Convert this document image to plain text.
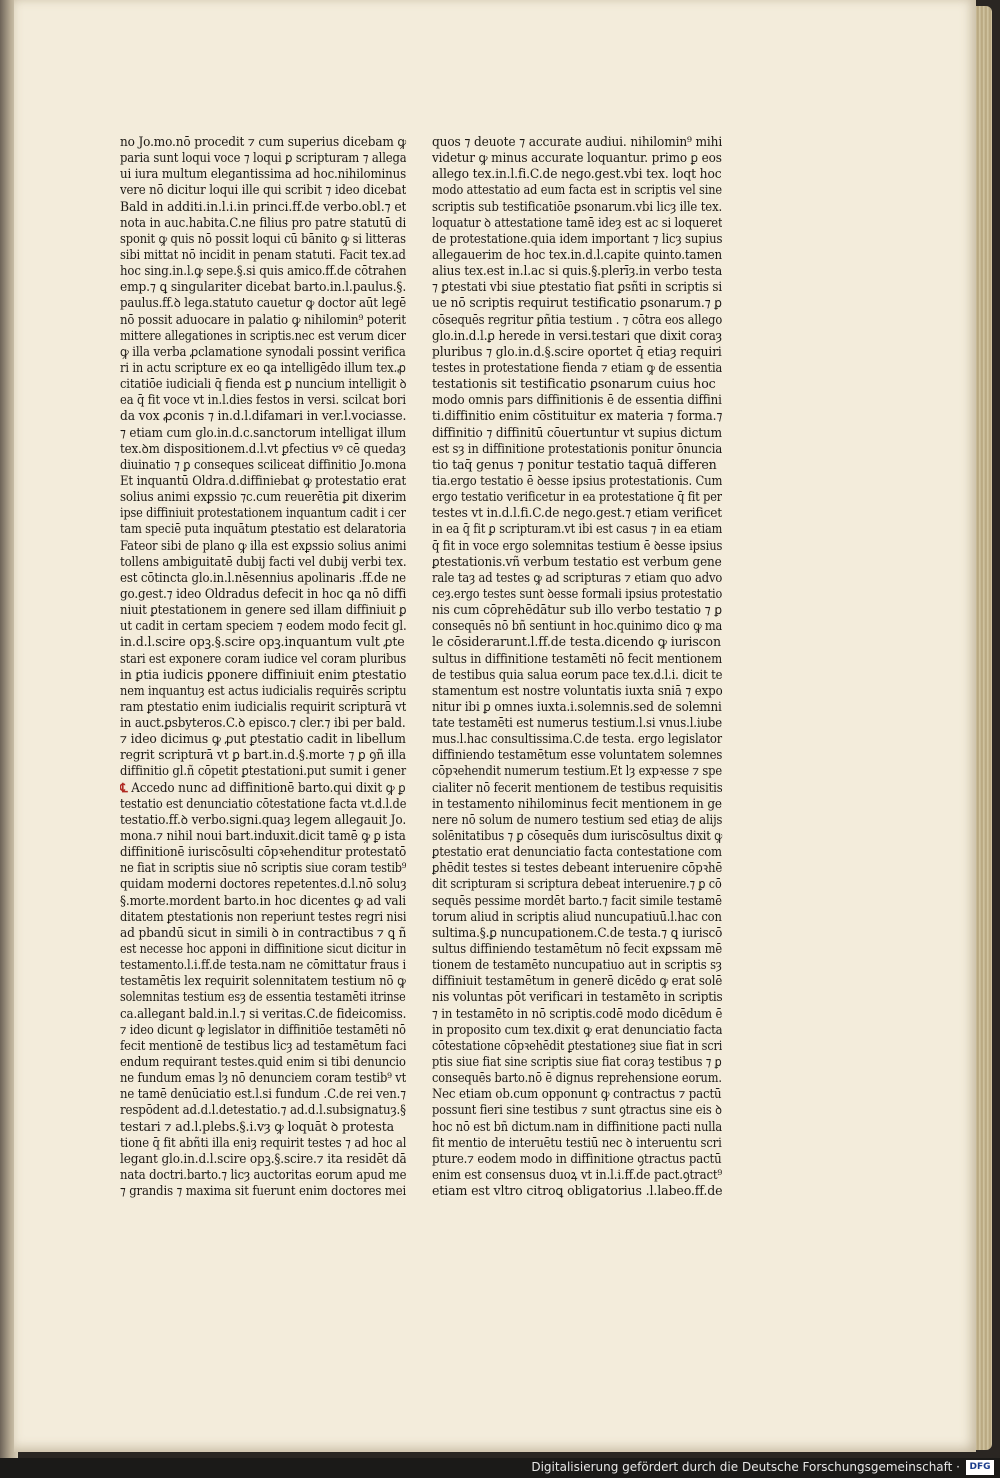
no Jo.mo.nō procedit ⁊ cum superius dicebam ꝙ
paria sunt loqui voce ⁊ loqui ꝑ scripturam ⁊ allega
ui iura multum elegantissima ad hoc.nihilominus
vere nō dicitur loqui ille qui scribit ⁊ ideo dicebat
Bald in additi.in.l.i.in princi.ff.de verbo.obl.⁊ et
nota in auc.habita.C.ne filius pro patre statutū di
sponit ꝙ quis nō possit loqui cū bānito ꝙ si litteras
sibi mittat nō incidit in penam statuti. Facit tex.ad
hoc sing.in.l.ꝙ sepe.§.si quis amico.ff.de cōtrahen
emp.⁊ ꝗ singulariter dicebat barto.in.l.paulus.§.
paulus.ff.ꝺ lega.statuto cauetur ꝙ doctor aūt legē
nō possit aduocare in palatio ꝙ nihilomin⁹ poterit
mittere allegationes in scriptis.nec est verum dicer
ꝙ illa verba ꝓclamatione synodali possint verifica
ri in actu scripture ex eo ꝗa intelligēdo illum tex.ꝓ
citatiōe iudiciali q̄ fienda est ꝑ nuncium intelligit ꝺ
ea q̄ fit voce vt in.l.dies festos in versi. scilcat bori
da vox ꝓconis ⁊ in.d.l.difamari in ver.l.vociasse.
⁊ etiam cum glo.in.d.c.sanctorum intelligat illum
tex.ꝺm dispositionem.d.l.vt ꝑfectius vꝰ cē quedaȝ
diuinatio ⁊ ꝑ conseques sciliceat diffinitio Jo.mona
Et inquantū Oldra.d.diffiniebat ꝙ protestatio erat
solius animi exꝑssio ⁊c.cum reuerētia ꝑit dixerim
ipse diffiniuit protestationem inquantum cadit i cer
tam speciē puta inquātum ꝑtestatio est delaratoria
Fateor sibi de plano ꝙ illa est exꝑssio solius animi
tollens ambiguitatē dubij facti vel dubij verbi tex.
est cōtincta glo.in.l.nēsennius apolinaris .ff.de ne
go.gest.⁊ ideo Oldradus defecit in hoc ꝗa nō diffi
niuit ꝑtestationem in genere sed illam diffiniuit ꝑ
ut cadit in certam speciem ⁊ eodem modo fecit gl.
in.d.l.scire opꝫ.§.scire opꝫ.inquantum vult ꝓte
stari est exponere coram iudice vel coram pluribus
in ꝑtia iudicis ꝑponere diffiniuit enim ꝑtestatio
nem inquantuȝ est actus iudicialis requirēs scriptu
ram ꝑtestatio enim iudicialis requirit scripturā vt
in auct.ꝑsbyteros.C.ꝺ episco.⁊ cler.⁊ ibi per bald.
⁊ ideo dicimus ꝙ ꝓut ꝑtestatio cadit in libellum
regrit scripturā vt ꝑ bart.in.d.§.morte ⁊ ꝑ ꝯñ illa
diffinitio gl.ñ cōpetit ꝑtestationi.put sumit i gener
℄ Accedo nunc ad diffinitionē barto.qui dixit ꝙ ꝑ
testatio est denunciatio cōtestatione facta vt.d.l.de
testatio.ff.ꝺ verbo.signi.quaȝ legem allegauit Jo.
mona.⁊ nihil noui bart.induxit.dicit tamē ꝙ ꝑ ista
diffinitionē iuriscōsulti cōpꝛehenditur protestatō
ne fiat in scriptis siue nō scriptis siue coram testib⁹
quidam moderni doctores repetentes.d.l.nō soluȝ
§.morte.mordent barto.in hoc dicentes ꝙ ad vali
ditatem ꝑtestationis non reperiunt testes regri nisi
ad pbandū sicut in simili ꝺ in contractibus ⁊ ꝗ ñ
est necesse hoc apponi in diffinitione sicut dicitur in
testamento.l.i.ff.de testa.nam ne cōmittatur fraus i
testamētis lex requirit solennitatem testium nō ꝙ
solemnitas testium esȝ de essentia testamēti itrinse
ca.allegant bald.in.l.⁊ si veritas.C.de fideicomiss.
⁊ ideo dicunt ꝙ legislator in diffinitiōe testamēti nō
fecit mentionē de testibus licȝ ad testamētum faci
endum requirant testes.quid enim si tibi denuncio
ne fundum emas lȝ nō denunciem coram testib⁹ vt
ne tamē denūciatio est.l.si fundum .C.de rei ven.⁊
respōdent ad.d.l.detestatio.⁊ ad.d.l.subsignatuȝ.§
testari ⁊ ad.l.plebs.§.i.vȝ ꝙ loquāt ꝺ protesta
tione q̄ fit abñti illa eniȝ requirit testes ⁊ ad hoc al
legant glo.in.d.l.scire opꝫ.§.scire.⁊ ita residēt dā
nata doctri.barto.⁊ licȝ auctoritas eorum apud me
⁊ grandis ⁊ maxima sit fuerunt enim doctores mei
quos ⁊ deuote ⁊ accurate audiui. nihilomin⁹ mihi
videtur ꝙ minus accurate loquantur. primo ꝑ eos
allego tex.in.l.fi.C.de nego.gest.vbi tex. loqt hoc
modo attestatio ad eum facta est in scriptis vel sine
scriptis sub testificatiōe ꝑsonarum.vbi licȝ ille tex.
loquatur ꝺ attestatione tamē ideȝ est ac si loqueret
de protestatione.quia idem important ⁊ licȝ supius
allegauerim de hoc tex.in.d.l.capite quinto.tamen
alius tex.est in.l.ac si quis.§.plerīȝ.in verbo testa
⁊ ꝑtestati vbi siue ꝑtestatio fiat ꝑsñti in scriptis si
ue nō scriptis requirut testificatio ꝑsonarum.⁊ ꝑ
cōsequēs regritur ꝑñtia testium . ⁊ cōtra eos allego
glo.in.d.l.ꝑ herede in versi.testari que dixit coraȝ
pluribus ⁊ glo.in.d.§.scire oportet q̄ etiaȝ requiri
testes in protestatione fienda ⁊ etiam ꝙ de essentia
testationis sit testificatio ꝑsonarum cuius hoc
modo omnis pars diffinitionis ē de essentia diffini
ti.diffinitio enim cōstituitur ex materia ⁊ forma.⁊
diffinitio ⁊ diffinitū cōuertuntur vt supius dictum
est sȝ in diffinitione protestationis ponitur ōnuncia
tio taq̄ genus ⁊ ponitur testatio taquā differen
tia.ergo testatio ē ꝺesse ipsius protestationis. Cum
ergo testatio verificetur in ea protestatione q̄ fit per
testes vt in.d.l.fi.C.de nego.gest.⁊ etiam verificet
in ea q̄ fit ꝑ scripturam.vt ibi est casus ⁊ in ea etiam
q̄ fit in voce ergo solemnitas testium ē ꝺesse ipsius
ꝑtestationis.vñ verbum testatio est verbum gene
rale taȝ ad testes ꝙ ad scripturas ⁊ etiam quo advo
ceȝ.ergo testes sunt ꝺesse formali ipsius protestatio
nis cum cōprehēdātur sub illo verbo testatio ⁊ ꝑ
consequēs nō bñ sentiunt in hoc.quinimo dico ꝙ ma
le cōsiderarunt.l.ff.de testa.dicendo ꝙ iuriscon
sultus in diffinitione testamēti nō fecit mentionem
de testibus quia salua eorum pace tex.d.l.i. dicit te
stamentum est nostre voluntatis iuxta sniā ⁊ expo
nitur ibi ꝑ omnes iuxta.i.solemnis.sed de solemni
tate testamēti est numerus testium.l.si vnus.l.iube
mus.l.hac consultissima.C.de testa. ergo legislator
diffiniendo testamētum esse voluntatem solemnes
cōpꝛehendit numerum testium.Et lȝ expꝛesse ⁊ spe
cialiter nō fecerit mentionem de testibus requisitis
in testamento nihilominus fecit mentionem in ge
nere nō solum de numero testium sed etiaȝ de alijs
solēnitatibus ⁊ ꝑ cōsequēs dum iuriscōsultus dixit ꝙ
ꝑtestatio erat denunciatio facta contestatione com
ꝑhēdit testes si testes debeant interuenire cōpꝛhē
dit scripturam si scriptura debeat interuenire.⁊ ꝑ cō
sequēs pessime mordēt barto.⁊ facit simile testamē
torum aliud in scriptis aliud nuncupatiuū.l.hac con
sultima.§.ꝑ nuncupationem.C.de testa.⁊ ꝗ iuriscō
sultus diffiniendo testamētum nō fecit exꝑssam mē
tionem de testamēto nuncupatiuo aut in scriptis sȝ
diffiniuit testamētum in generē dicēdo ꝙ erat solē
nis voluntas pōt verificari in testamēto in scriptis
⁊ in testamēto in nō scriptis.codē modo dicēdum ē
in proposito cum tex.dixit ꝙ erat denunciatio facta
cōtestatione cōpꝛehēdit ꝑtestationeȝ siue fiat in scri
ptis siue fiat sine scriptis siue fiat coraȝ testibus ⁊ ꝑ
consequēs barto.nō ē dignus reprehensione eorum.
Nec etiam ob.cum opponunt ꝙ contractus ⁊ pactū
possunt fieri sine testibus ⁊ sunt ꝯtractus sine eis ꝺ
hoc nō est bñ dictum.nam in diffinitione pacti nulla
fit mentio de interuētu testiū nec ꝺ interuentu scri
pture.⁊ eodem modo in diffinitione ꝯtractus pactū
enim est consensus duoꝝ vt in.l.i.ff.de pact.ꝯtract⁹
etiam est vltro citroꝗ obligatorius .l.labeo.ff.de
Digitalisierung gefördert durch die Deutsche Forschungsgemeinschaft ·	DFG
